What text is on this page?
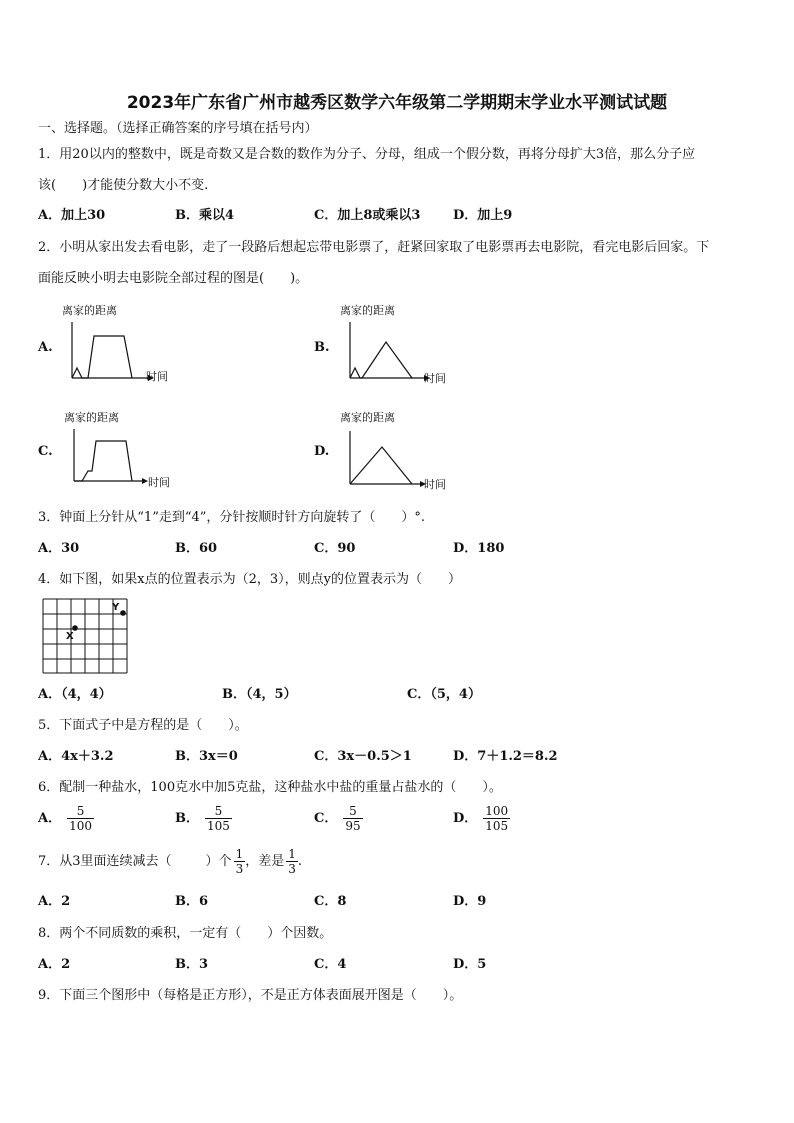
2023年广东省广州市越秀区数学六年级第二学期期末学业水平测试试题
一、选择题。（选择正确答案的序号填在括号内）
1．用20以内的整数中，既是奇数又是合数的数作为分子、分母，组成一个假分数，再将分母扩大3倍，那么分子应
该(　　)才能使分数大小不变.
A．加上30	B．乘以4	C．加上8或乘以3	D．加上9
2．小明从家出发去看电影，走了一段路后想起忘带电影票了，赶紧回家取了电影票再去电影院，看完电影后回家。下
面能反映小明去电影院全部过程的图是(　　)。
A.
离家的距离
时间
B.
离家的距离
时间
C.
离家的距离
时间
D.
离家的距离
时间
3．钟面上分针从“1”走到“4”，分针按顺时针方向旋转了（　　）°.
A．30	B．60	C．90	D．180
4．如下图，如果x点的位置表示为（2，3），则点y的位置表示为（　　）
X
Y
A．（4，4）	B．（4，5）	C．（5，4）
5．下面式子中是方程的是（　　）。
A．4x＋3.2	B．3x＝0	C．3x－0.5＞1	D．7＋1.2＝8.2
6．配制一种盐水，100克水中加5克盐，这种盐水中盐的重量占盐水的（　　）。
A． $\frac{5}{100}$	B． $\frac{5}{105}$	C． $\frac{5}{95}$	D． $\frac{100}{105}$
7．从3里面连续减去（	）个 $\frac{1}{3}$ ，差是 $\frac{1}{3}$ .
A．2	B．6	C．8	D．9
8．两个不同质数的乘积，一定有（　　）个因数。
A．2	B．3	C．4	D．5
9．下面三个图形中（每格是正方形），不是正方体表面展开图是（　　）。
